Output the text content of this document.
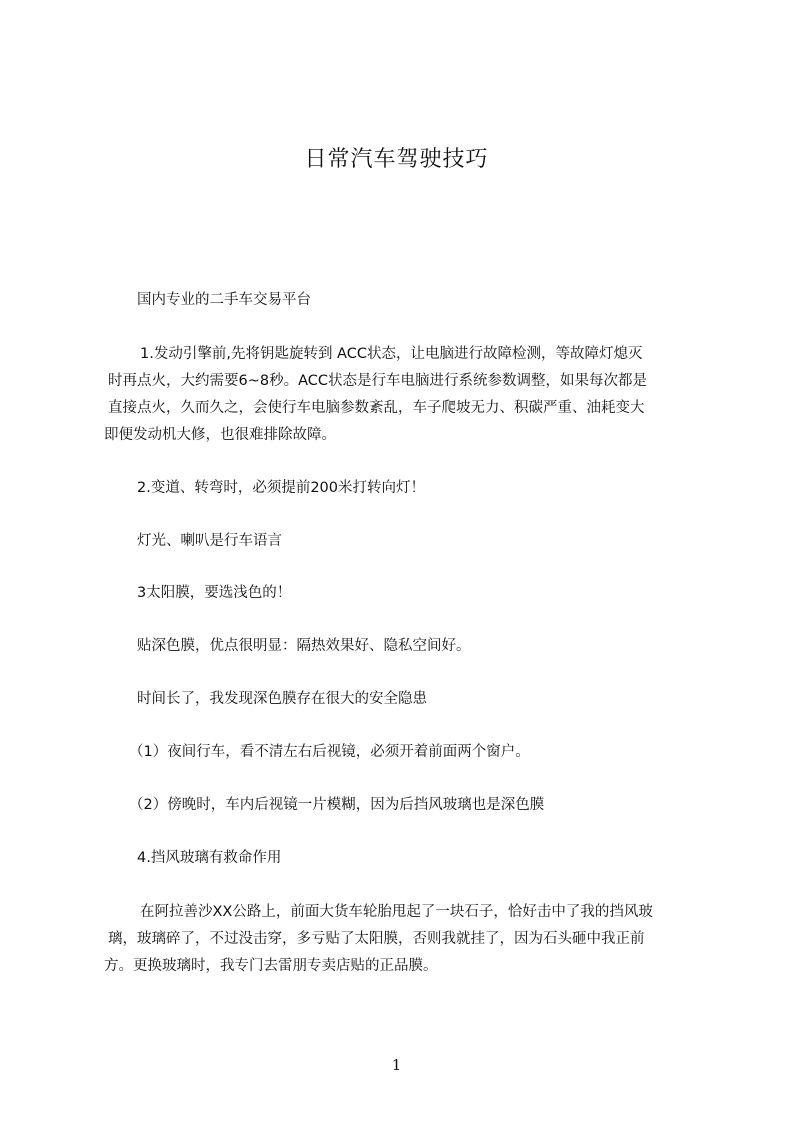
日常汽车驾驶技巧
国内专业的二手车交易平台
1.发动引擎前,先将钥匙旋转到 ACC状态，让电脑进行故障检测，等故障灯熄灭
时再点火，大约需要6~8秒。ACC状态是行车电脑进行系统参数调整，如果每次都是
直接点火，久而久之，会使行车电脑参数紊乱，车子爬坡无力、积碳严重、油耗变大
即便发动机大修，也很难排除故障。
2.变道、转弯时，必须提前200米打转向灯！
灯光、喇叭是行车语言
3太阳膜，要选浅色的！
贴深色膜，优点很明显：隔热效果好、隐私空间好。
时间长了，我发现深色膜存在很大的安全隐患
（1）夜间行车，看不清左右后视镜，必须开着前面两个窗户。
（2）傍晚时，车内后视镜一片模糊，因为后挡风玻璃也是深色膜
4.挡风玻璃有救命作用
在阿拉善沙XX公路上，前面大货车轮胎甩起了一块石子，恰好击中了我的挡风玻
璃，玻璃碎了，不过没击穿，多亏贴了太阳膜，否则我就挂了，因为石头砸中我正前
方。更换玻璃时，我专门去雷朋专卖店贴的正品膜。
1
